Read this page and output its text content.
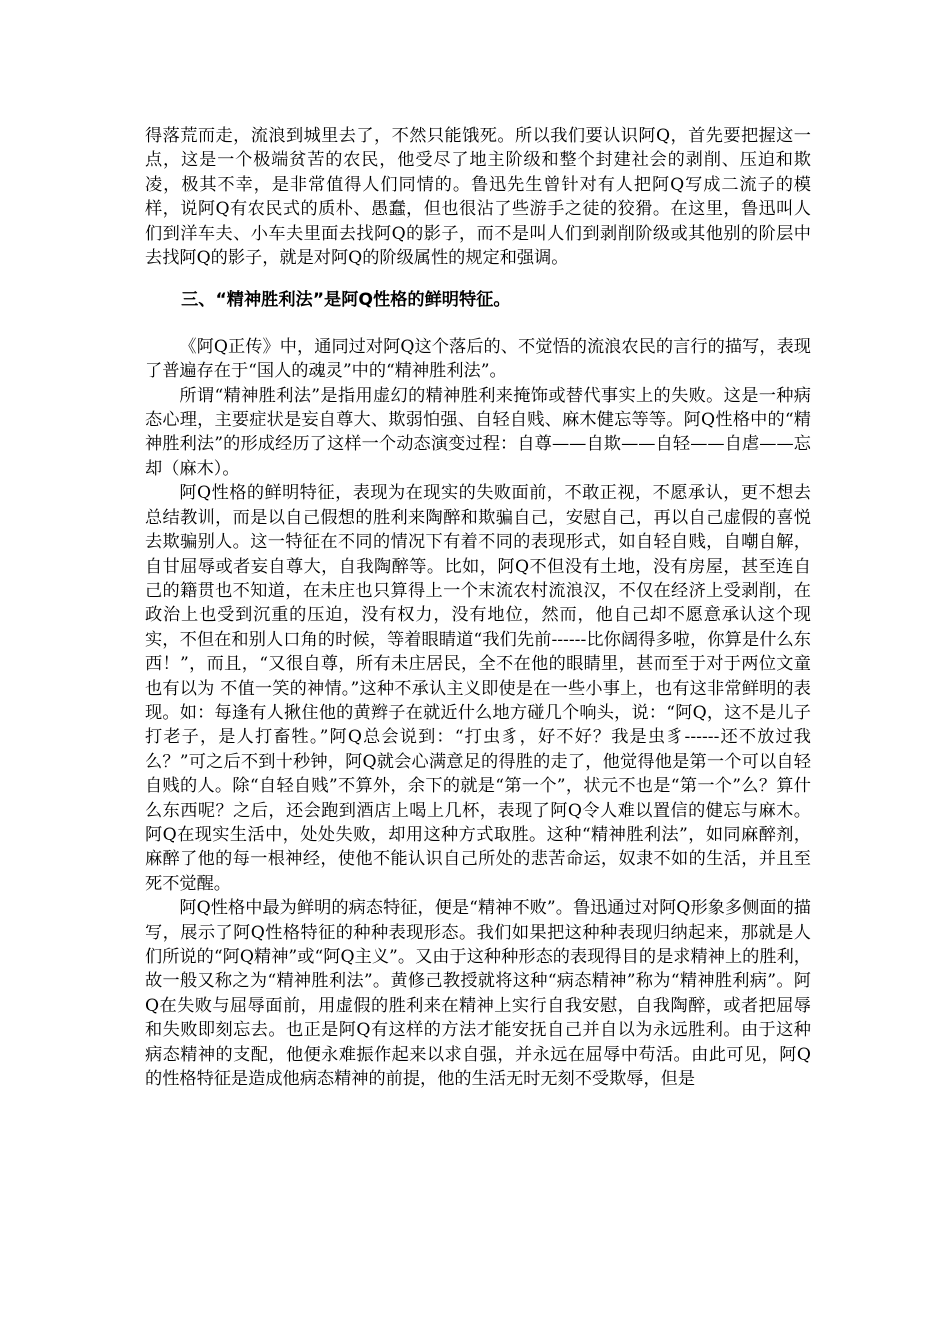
得落荒而走，流浪到城里去了，不然只能饿死。所以我们要认识阿Q，首先要把握这一点，这是一个极端贫苦的农民，他受尽了地主阶级和整个封建社会的剥削、压迫和欺凌，极其不幸，是非常值得人们同情的。鲁迅先生曾针对有人把阿Q写成二流子的模样，说阿Q有农民式的质朴、愚蠢，但也很沾了些游手之徒的狡猾。在这里，鲁迅叫人们到洋车夫、小车夫里面去找阿Q的影子，而不是叫人们到剥削阶级或其他别的阶层中去找阿Q的影子，就是对阿Q的阶级属性的规定和强调。

三、“精神胜利法”是阿Q性格的鲜明特征。

《阿Q正传》中，通同过对阿Q这个落后的、不觉悟的流浪农民的言行的描写，表现了普遍存在于“国人的魂灵”中的“精神胜利法”。

所谓“精神胜利法”是指用虚幻的精神胜利来掩饰或替代事实上的失败。这是一种病态心理，主要症状是妄自尊大、欺弱怕强、自轻自贱、麻木健忘等等。阿Q性格中的“精神胜利法”的形成经历了这样一个动态演变过程：自尊——自欺——自轻——自虐——忘却（麻木）。

阿Q性格的鲜明特征，表现为在现实的失败面前，不敢正视，不愿承认，更不想去总结教训，而是以自己假想的胜利来陶醉和欺骗自己，安慰自己，再以自己虚假的喜悦去欺骗别人。这一特征在不同的情况下有着不同的表现形式，如自轻自贱，自嘲自解，自甘屈辱或者妄自尊大，自我陶醉等。比如，阿Q不但没有土地，没有房屋，甚至连自己的籍贯也不知道，在未庄也只算得上一个末流农村流浪汉，不仅在经济上受剥削，在政治上也受到沉重的压迫，没有权力，没有地位，然而，他自己却不愿意承认这个现实，不但在和别人口角的时候，等着眼睛道“我们先前------比你阔得多啦，你算是什么东西！”，而且，“又很自尊，所有未庄居民，全不在他的眼睛里，甚而至于对于两位文童也有以为 不值一笑的神情。”这种不承认主义即使是在一些小事上，也有这非常鲜明的表现。如：每逢有人揪住他的黄辫子在就近什么地方碰几个响头，说：“阿Q，这不是儿子打老子，是人打畜牲。”阿Q总会说到：“打虫豸，好不好？我是虫豸------还不放过我么？”可之后不到十秒钟，阿Q就会心满意足的得胜的走了，他觉得他是第一个可以自轻自贱的人。除“自轻自贱”不算外，余下的就是“第一个”，状元不也是“第一个”么？算什么东西呢？之后，还会跑到酒店上喝上几杯，表现了阿Q令人难以置信的健忘与麻木。阿Q在现实生活中，处处失败，却用这种方式取胜。这种“精神胜利法”，如同麻醉剂，麻醉了他的每一根神经，使他不能认识自己所处的悲苦命运，奴隶不如的生活，并且至死不觉醒。

阿Q性格中最为鲜明的病态特征，便是“精神不败”。鲁迅通过对阿Q形象多侧面的描写，展示了阿Q性格特征的种种表现形态。我们如果把这种种表现归纳起来，那就是人们所说的“阿Q精神”或“阿Q主义”。又由于这种种形态的表现得目的是求精神上的胜利，故一般又称之为“精神胜利法”。黄修己教授就将这种“病态精神”称为“精神胜利病”。阿Q在失败与屈辱面前，用虚假的胜利来在精神上实行自我安慰，自我陶醉，或者把屈辱和失败即刻忘去。也正是阿Q有这样的方法才能安抚自己并自以为永远胜利。由于这种病态精神的支配，他便永难振作起来以求自强，并永远在屈辱中苟活。由此可见，阿Q的性格特征是造成他病态精神的前提，他的生活无时无刻不受欺辱，但是
